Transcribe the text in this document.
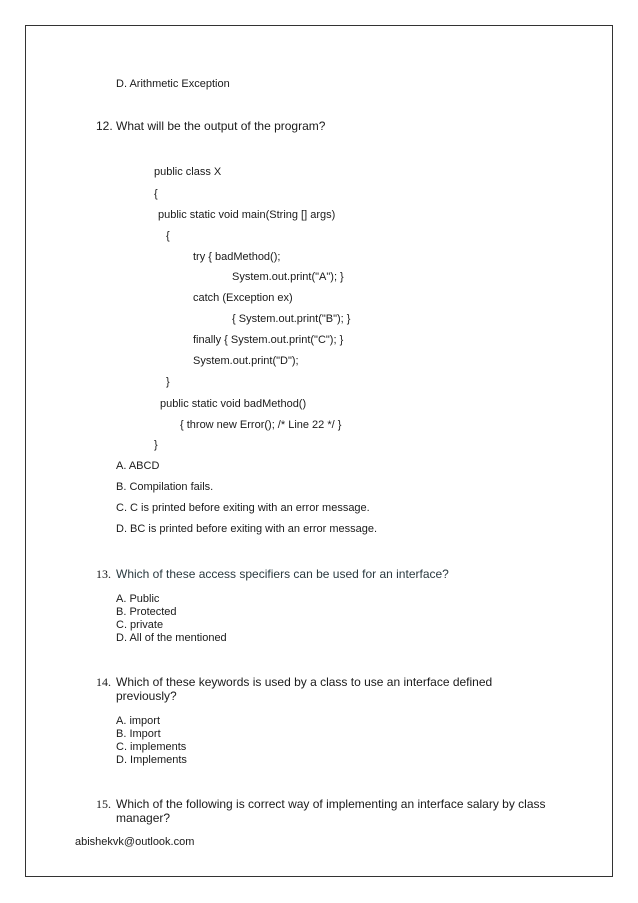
D. Arithmetic Exception
12. What will be the output of the program?
public class X
{
public static void main(String [] args)
{
try { badMethod();
System.out.print("A"); }
catch (Exception ex)
{ System.out.print("B"); }
finally { System.out.print("C"); }
System.out.print("D");
}
public static void badMethod()
{ throw new Error(); /* Line 22 */ }
}
A. ABCD
B. Compilation fails.
C. C is printed before exiting with an error message.
D. BC is printed before exiting with an error message.
13. Which of these access specifiers can be used for an interface?
A. Public
B. Protected
C. private
D. All of the mentioned
14. Which of these keywords is used by a class to use an interface defined
previously?
A. import
B. Import
C. implements
D. Implements
15. Which of the following is correct way of implementing an interface salary by class
manager?
abishekvk@outlook.com
